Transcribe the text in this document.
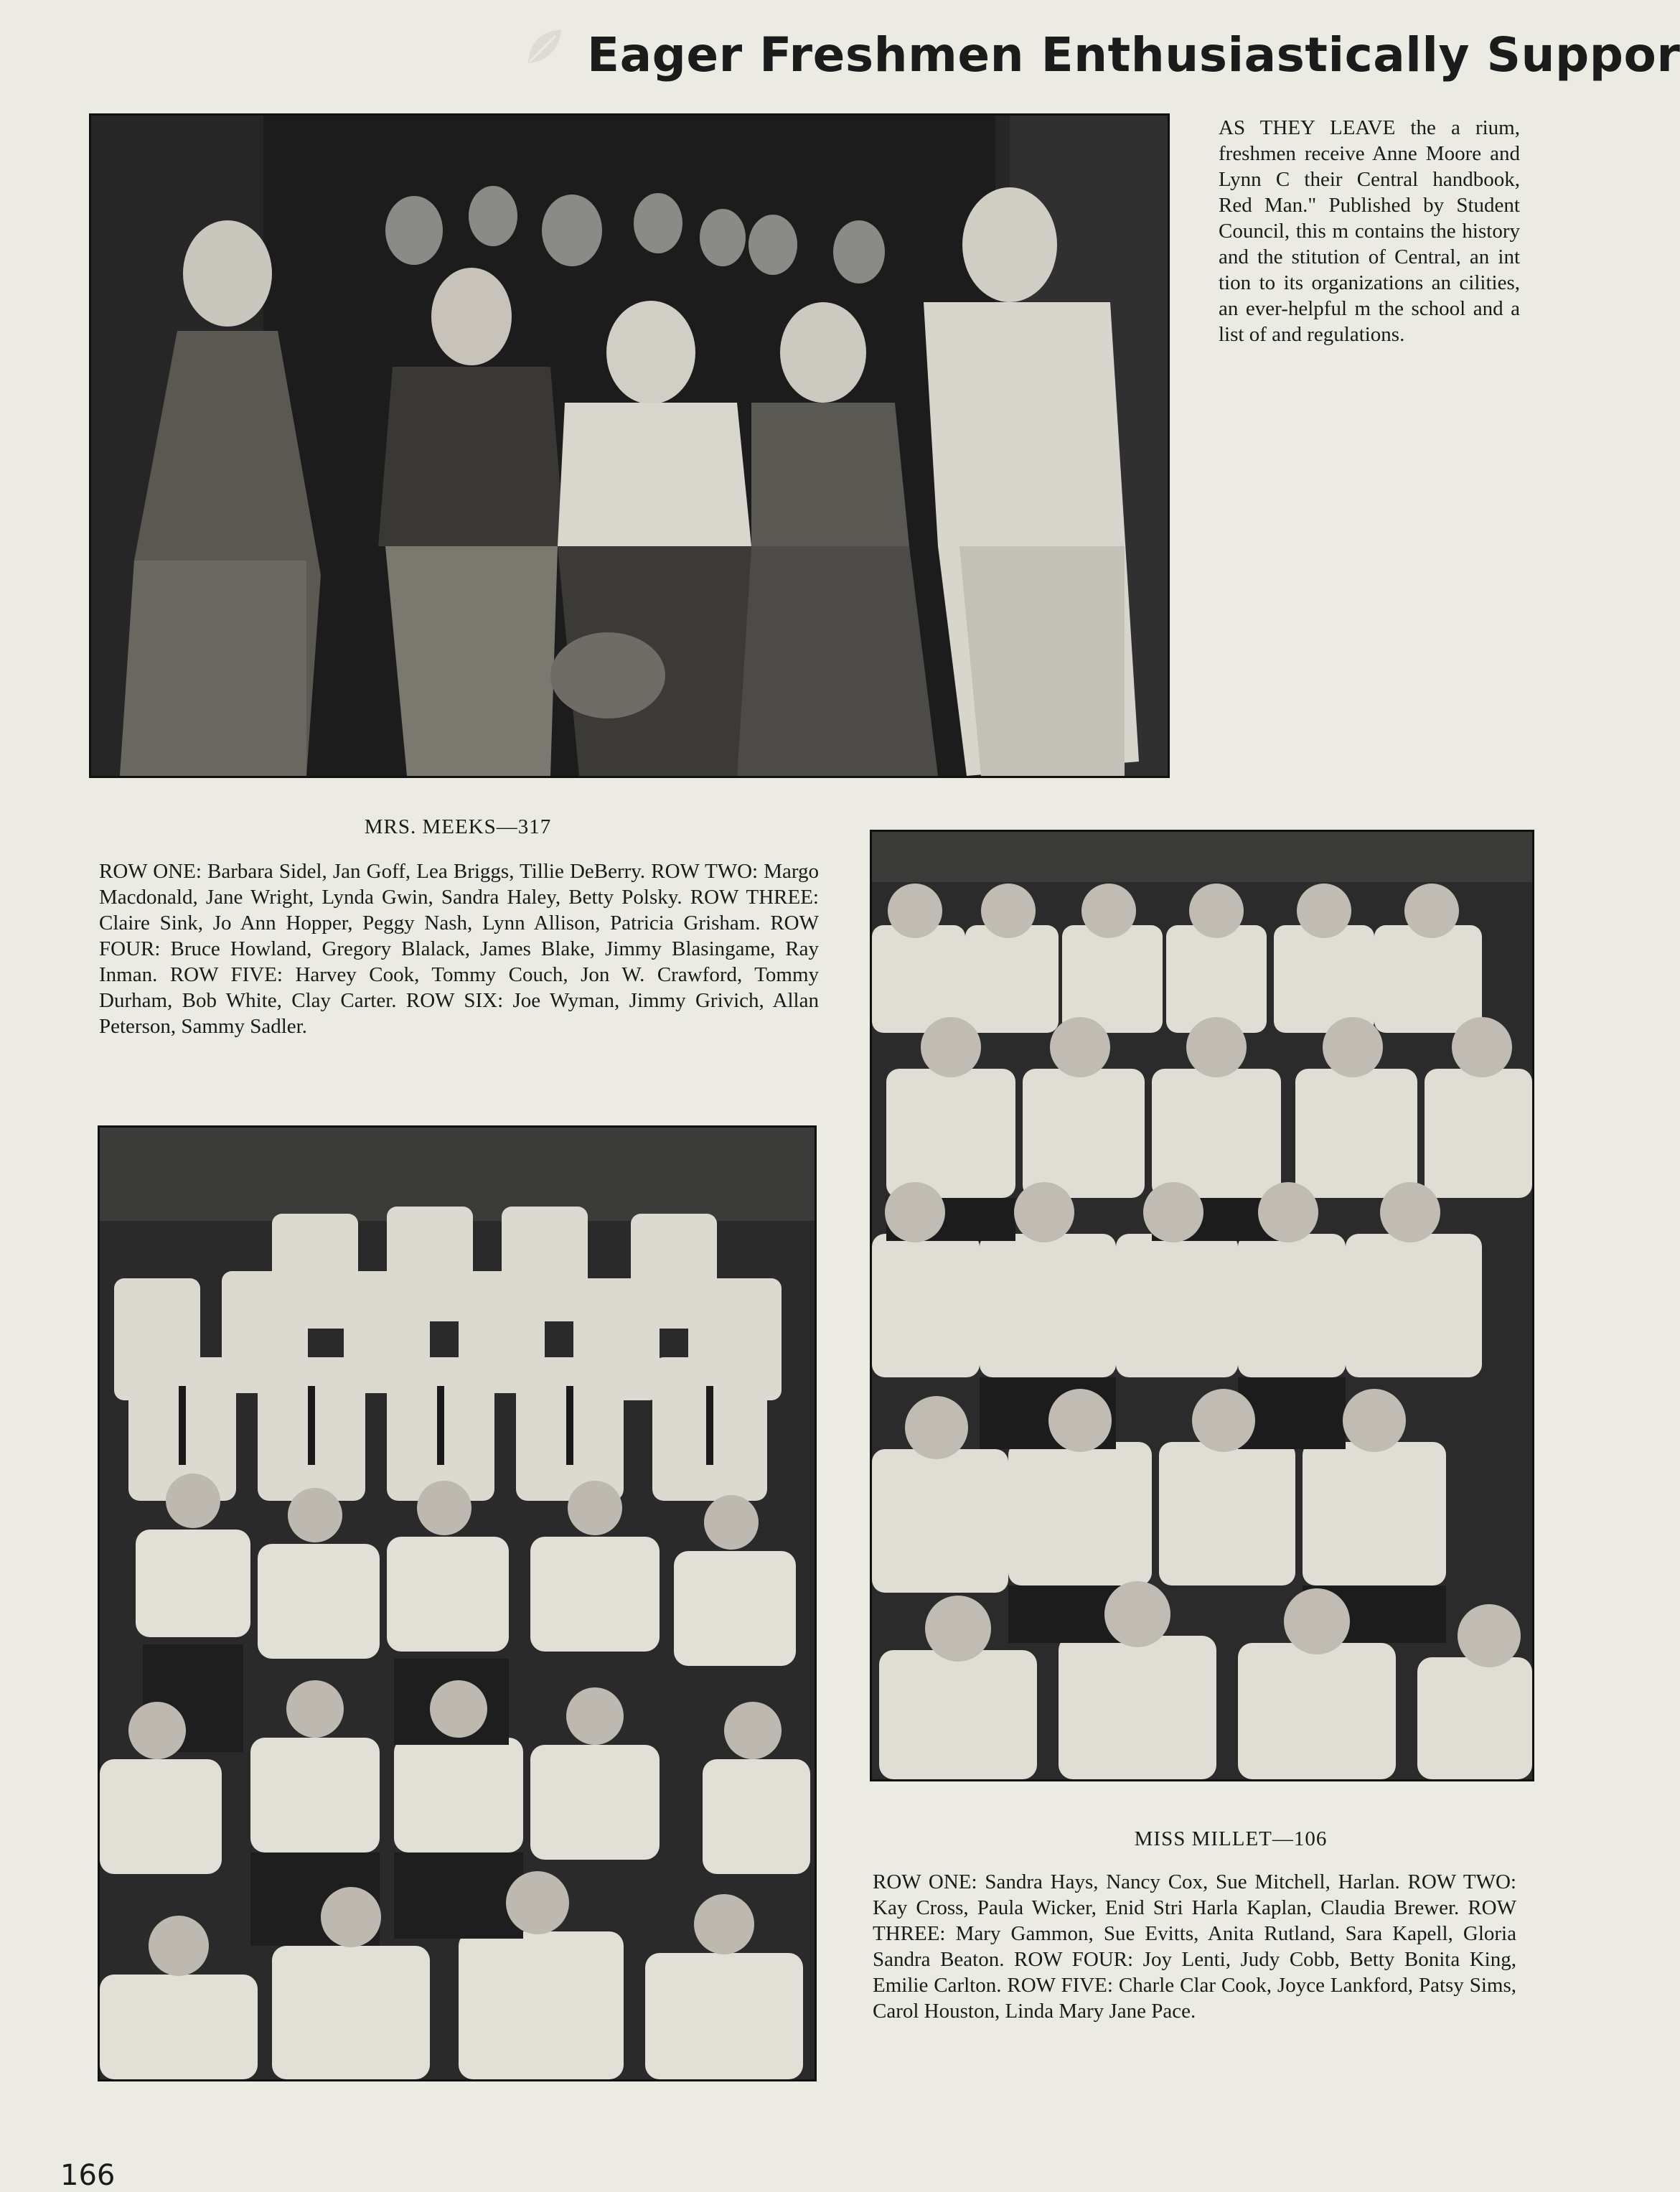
Eager Freshmen Enthusiastically Suppor
AS THEY LEAVE the a rium, freshmen receive Anne Moore and Lynn C their Central handbook, Red Man." Published by Student Council, this m contains the history and the stitution of Central, an int tion to its organizations an cilities, an ever-helpful m the school and a list of and regulations.
MRS. MEEKS—317
ROW ONE: Barbara Sidel, Jan Goff, Lea Briggs, Tillie DeBerry. ROW TWO: Margo Macdonald, Jane Wright, Lynda Gwin, Sandra Haley, Betty Polsky. ROW THREE: Claire Sink, Jo Ann Hopper, Peggy Nash, Lynn Allison, Patricia Grisham. ROW FOUR: Bruce Howland, Gregory Blalack, James Blake, Jimmy Blasingame, Ray Inman. ROW FIVE: Harvey Cook, Tommy Couch, Jon W. Crawford, Tommy Durham, Bob White, Clay Carter. ROW SIX: Joe Wyman, Jimmy Grivich, Allan Peterson, Sammy Sadler.
MISS MILLET—106
ROW ONE: Sandra Hays, Nancy Cox, Sue Mitchell, Harlan. ROW TWO: Kay Cross, Paula Wicker, Enid Stri Harla Kaplan, Claudia Brewer. ROW THREE: Mary Gammon, Sue Evitts, Anita Rutland, Sara Kapell, Gloria Sandra Beaton. ROW FOUR: Joy Lenti, Judy Cobb, Betty Bonita King, Emilie Carlton. ROW FIVE: Charle Clar Cook, Joyce Lankford, Patsy Sims, Carol Houston, Linda Mary Jane Pace.
166
